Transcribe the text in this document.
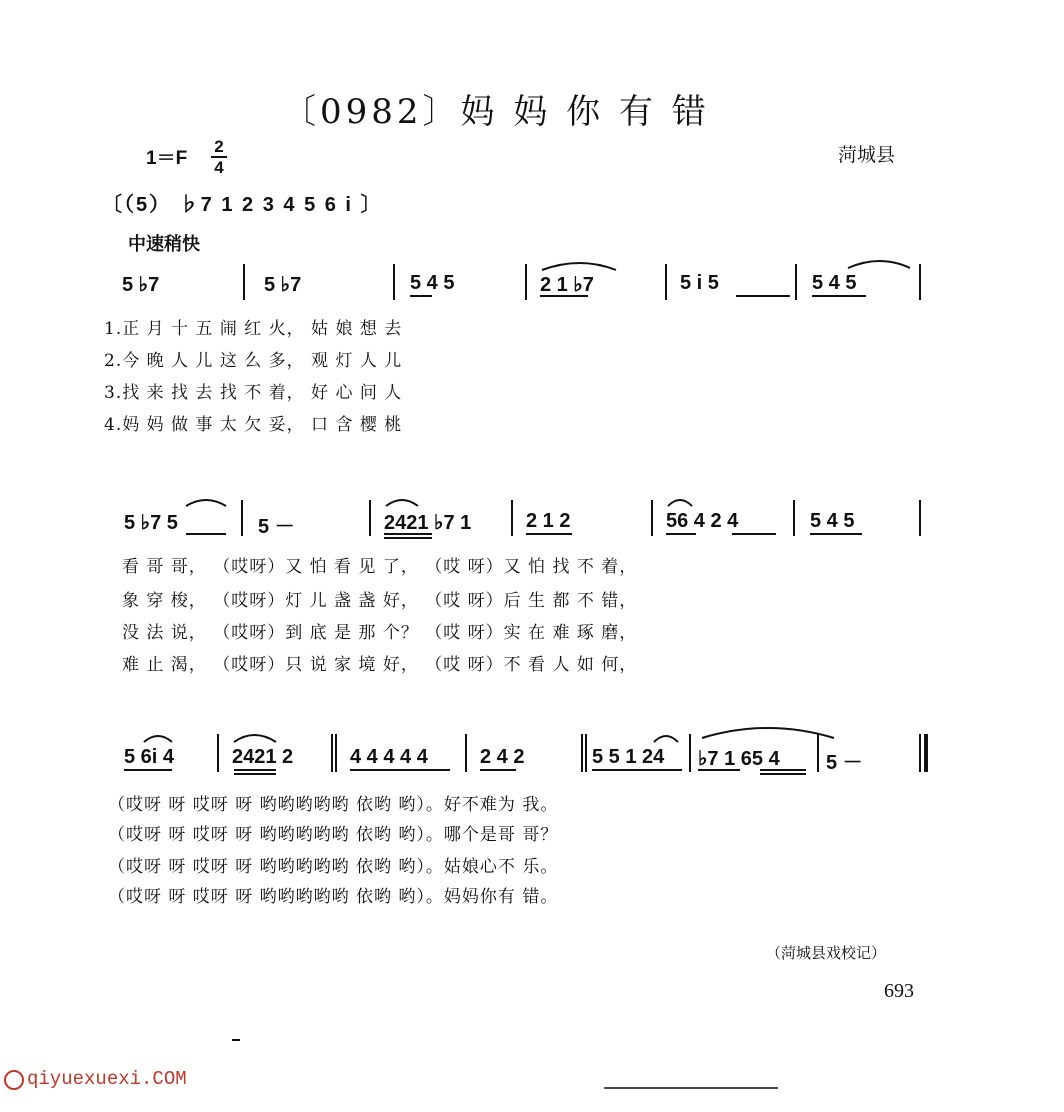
〔0982〕妈 妈 你 有 错
1＝F
2
4
菏城县
〔（5） ♭7 1 2 3 4 5 6 i 〕
中速稍快
5 ♭7	5 ♭7	5 4 5	2 1 ♭7	5 i 5	5 4 5
1.正 月 十 五 闹 红 火， 姑 娘 想 去
2.今 晚 人 儿 这 么 多， 观 灯 人 儿
3.找 来 找 去 找 不 着， 好 心 问 人
4.妈 妈 做 事 太 欠 妥， 口 含 樱 桃
5 ♭7 5	5 －	2421 ♭7 1	2 1 2	56 4 2 4	5 4 5
看 哥 哥， （哎呀）又 怕 看 见 了， （哎 呀）又 怕 找 不 着，
象 穿 梭， （哎呀）灯 儿 盏 盏 好， （哎 呀）后 生 都 不 错，
没 法 说， （哎呀）到 底 是 那 个？ （哎 呀）实 在 难 琢 磨，
难 止 渴， （哎呀）只 说 家 境 好， （哎 呀）不 看 人 如 何，
5 6i 4	2421 2	4 4 4 4 4	2 4 2	5 5 1 24 ♭7 1 65 4 5 －
（哎呀 呀 哎呀 呀 哟哟哟哟哟 依哟 哟）。好不难为 我。
（哎呀 呀 哎呀 呀 哟哟哟哟哟 依哟 哟）。哪个是哥 哥？
（哎呀 呀 哎呀 呀 哟哟哟哟哟 依哟 哟）。姑娘心不 乐。
（哎呀 呀 哎呀 呀 哟哟哟哟哟 依哟 哟）。妈妈你有 错。
（菏城县戏校记）
693
qiyuexuexi.COM
